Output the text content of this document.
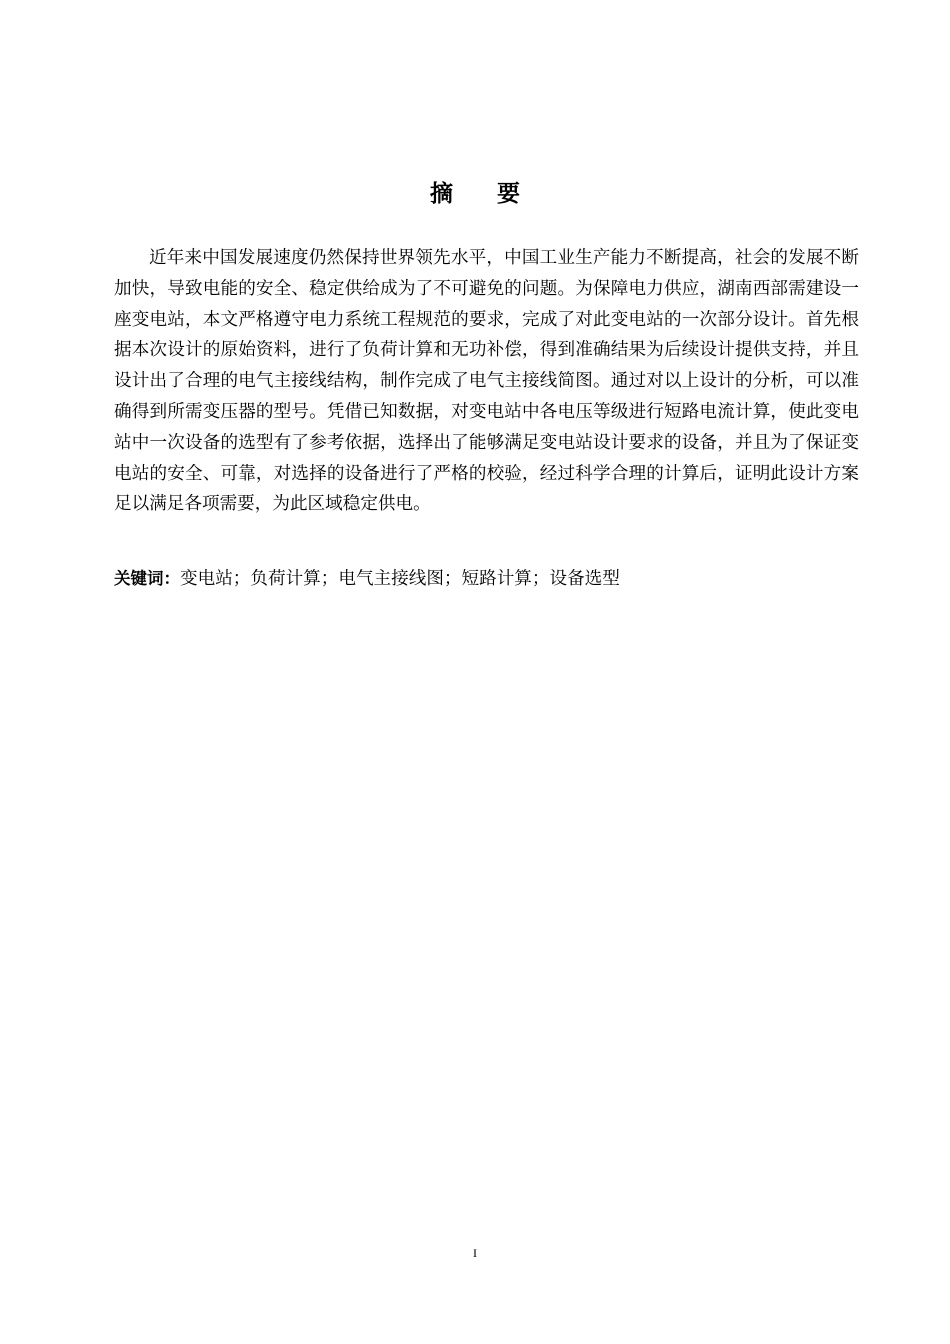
摘要

近年来中国发展速度仍然保持世界领先水平，中国工业生产能力不断提高，社会的发展不断加快，导致电能的安全、稳定供给成为了不可避免的问题。为保障电力供应，湖南西部需建设一座变电站，本文严格遵守电力系统工程规范的要求，完成了对此变电站的一次部分设计。首先根据本次设计的原始资料，进行了负荷计算和无功补偿，得到准确结果为后续设计提供支持，并且设计出了合理的电气主接线结构，制作完成了电气主接线简图。通过对以上设计的分析，可以准确得到所需变压器的型号。凭借已知数据，对变电站中各电压等级进行短路电流计算，使此变电站中一次设备的选型有了参考依据，选择出了能够满足变电站设计要求的设备，并且为了保证变电站的安全、可靠，对选择的设备进行了严格的校验，经过科学合理的计算后，证明此设计方案足以满足各项需要，为此区域稳定供电。

关键词：变电站；负荷计算；电气主接线图；短路计算；设备选型

I
